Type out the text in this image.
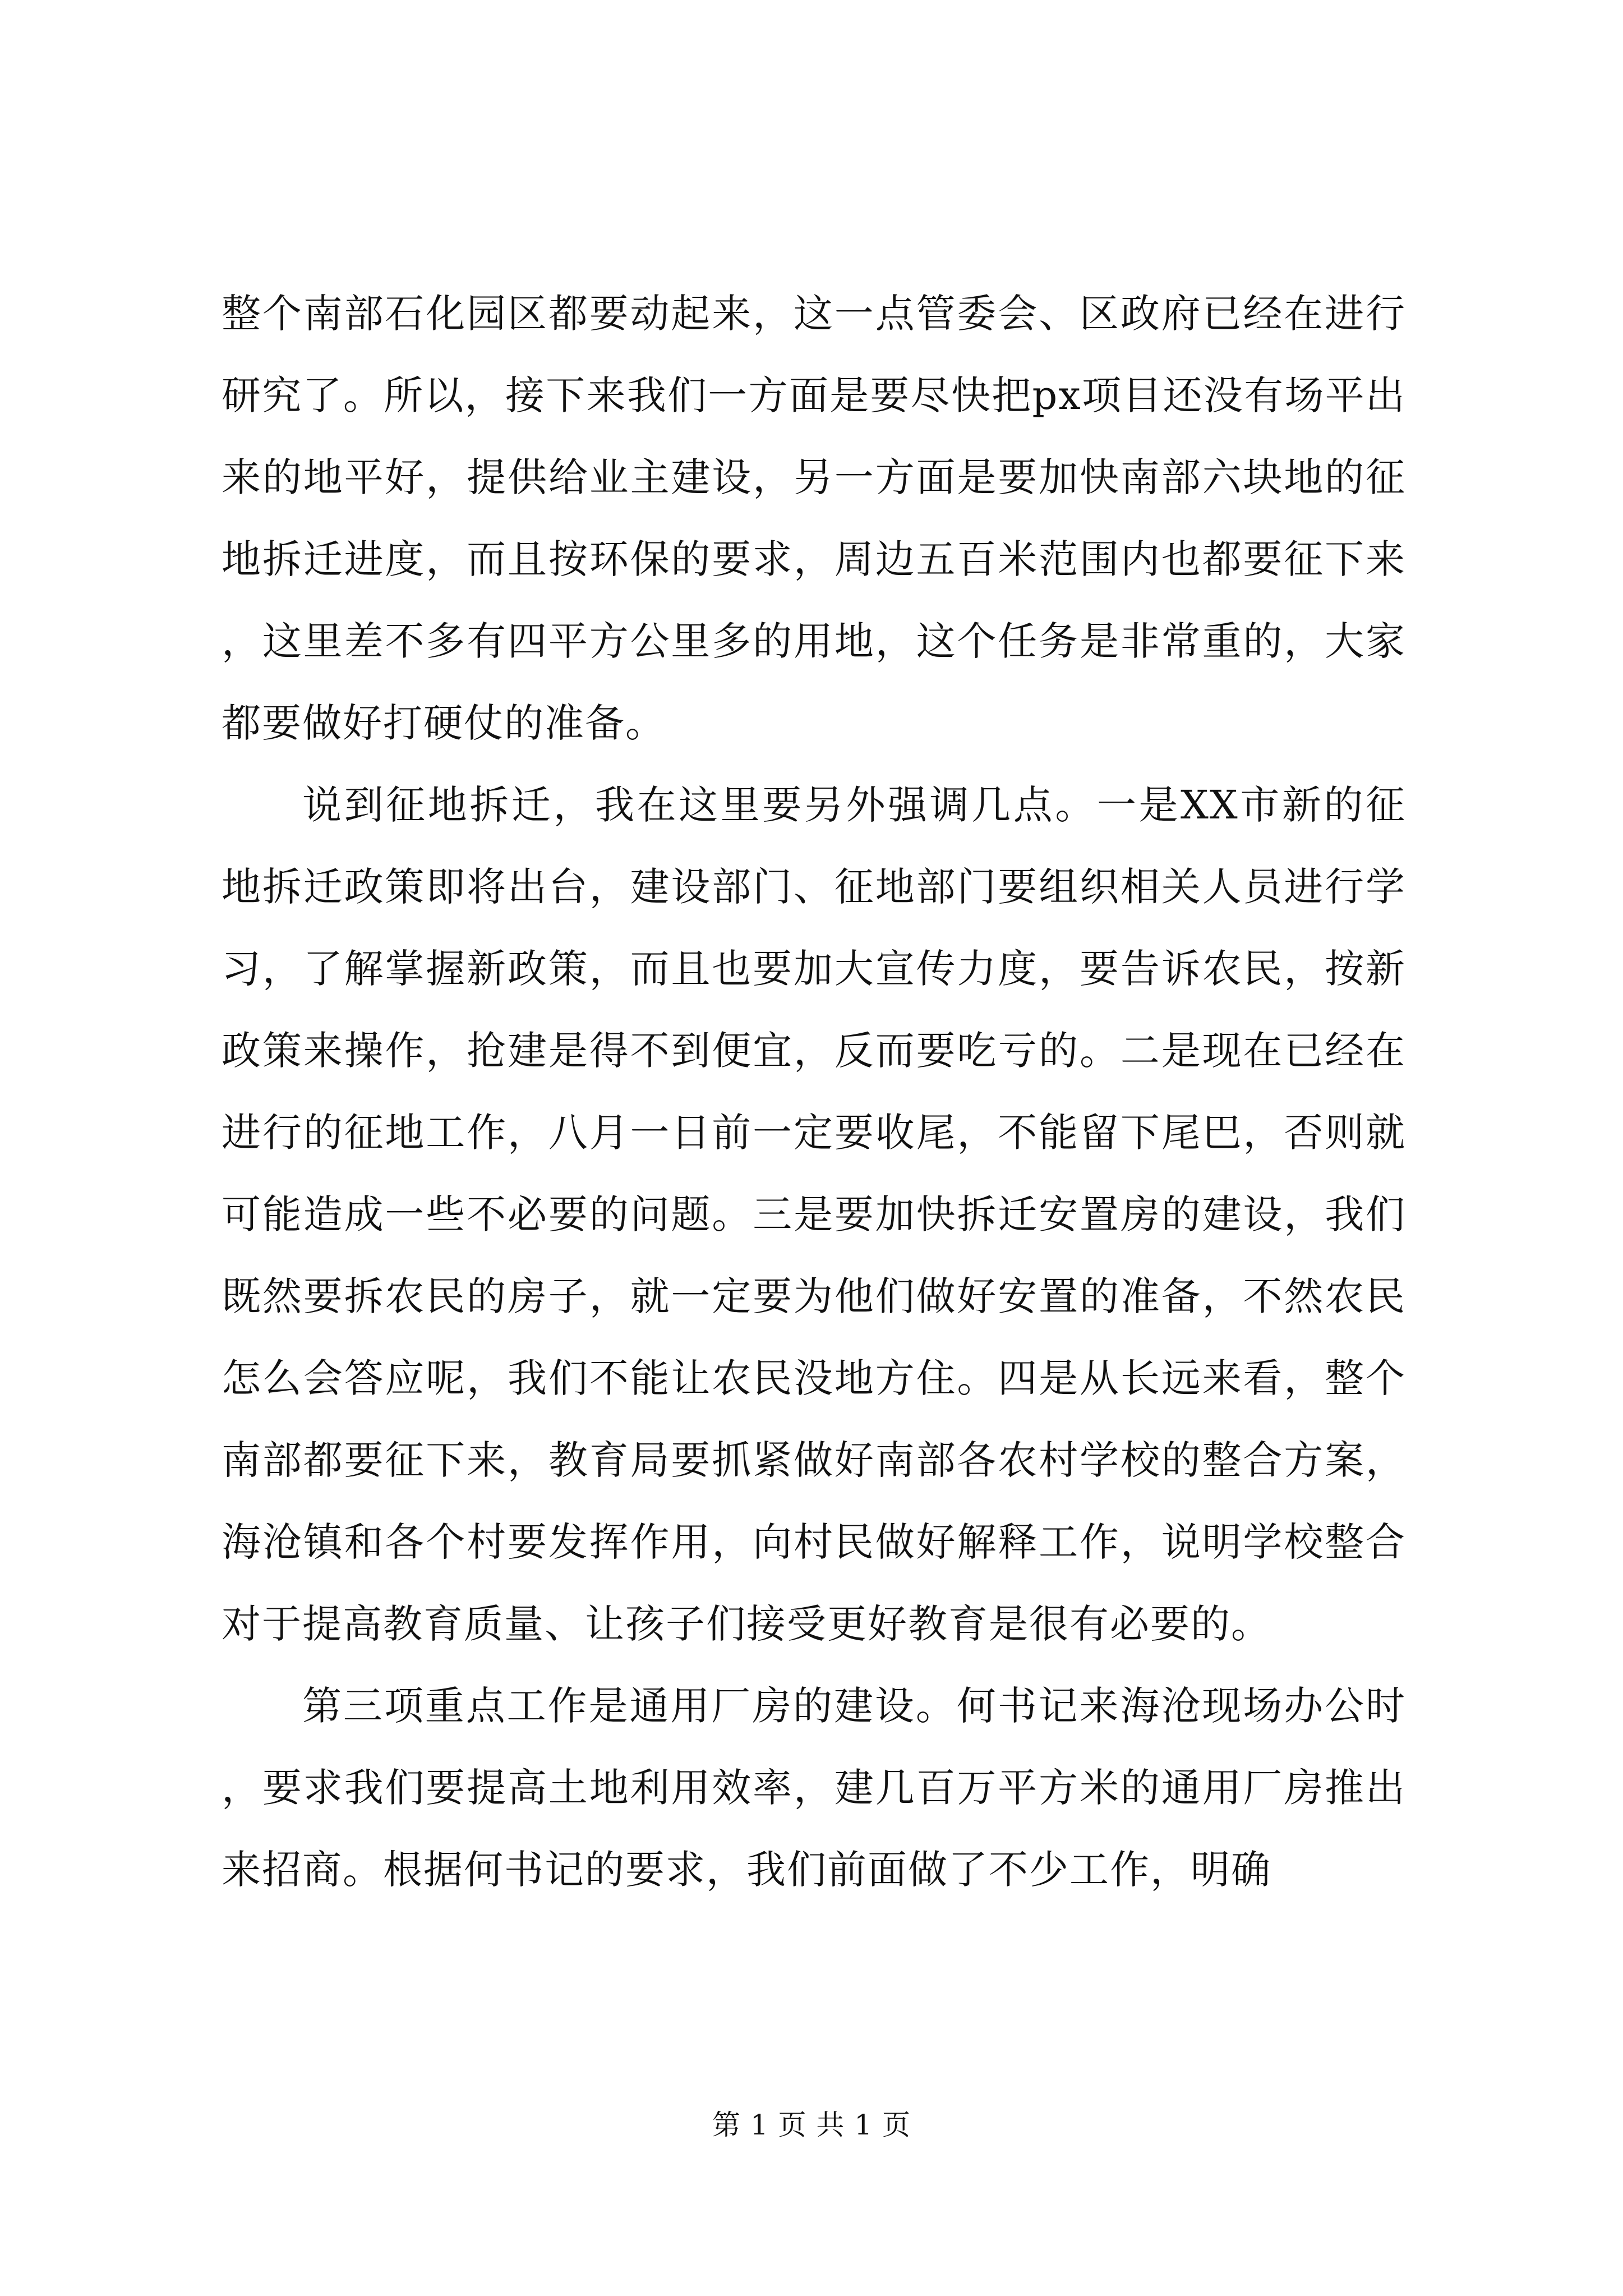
整个南部石化园区都要动起来，这一点管委会、区政府已经在进行研究了。所以，接下来我们一方面是要尽快把px项目还没有场平出来的地平好，提供给业主建设，另一方面是要加快南部六块地的征地拆迁进度，而且按环保的要求，周边五百米范围内也都要征下来，这里差不多有四平方公里多的用地，这个任务是非常重的，大家都要做好打硬仗的准备。

说到征地拆迁，我在这里要另外强调几点。一是XX市新的征地拆迁政策即将出台，建设部门、征地部门要组织相关人员进行学习，了解掌握新政策，而且也要加大宣传力度，要告诉农民，按新政策来操作，抢建是得不到便宜，反而要吃亏的。二是现在已经在进行的征地工作，八月一日前一定要收尾，不能留下尾巴，否则就可能造成一些不必要的问题。三是要加快拆迁安置房的建设，我们既然要拆农民的房子，就一定要为他们做好安置的准备，不然农民怎么会答应呢，我们不能让农民没地方住。四是从长远来看，整个南部都要征下来，教育局要抓紧做好南部各农村学校的整合方案，海沧镇和各个村要发挥作用，向村民做好解释工作，说明学校整合对于提高教育质量、让孩子们接受更好教育是很有必要的。

第三项重点工作是通用厂房的建设。何书记来海沧现场办公时，要求我们要提高土地利用效率，建几百万平方米的通用厂房推出来招商。根据何书记的要求，我们前面做了不少工作，明确

第 1 页 共 1 页
